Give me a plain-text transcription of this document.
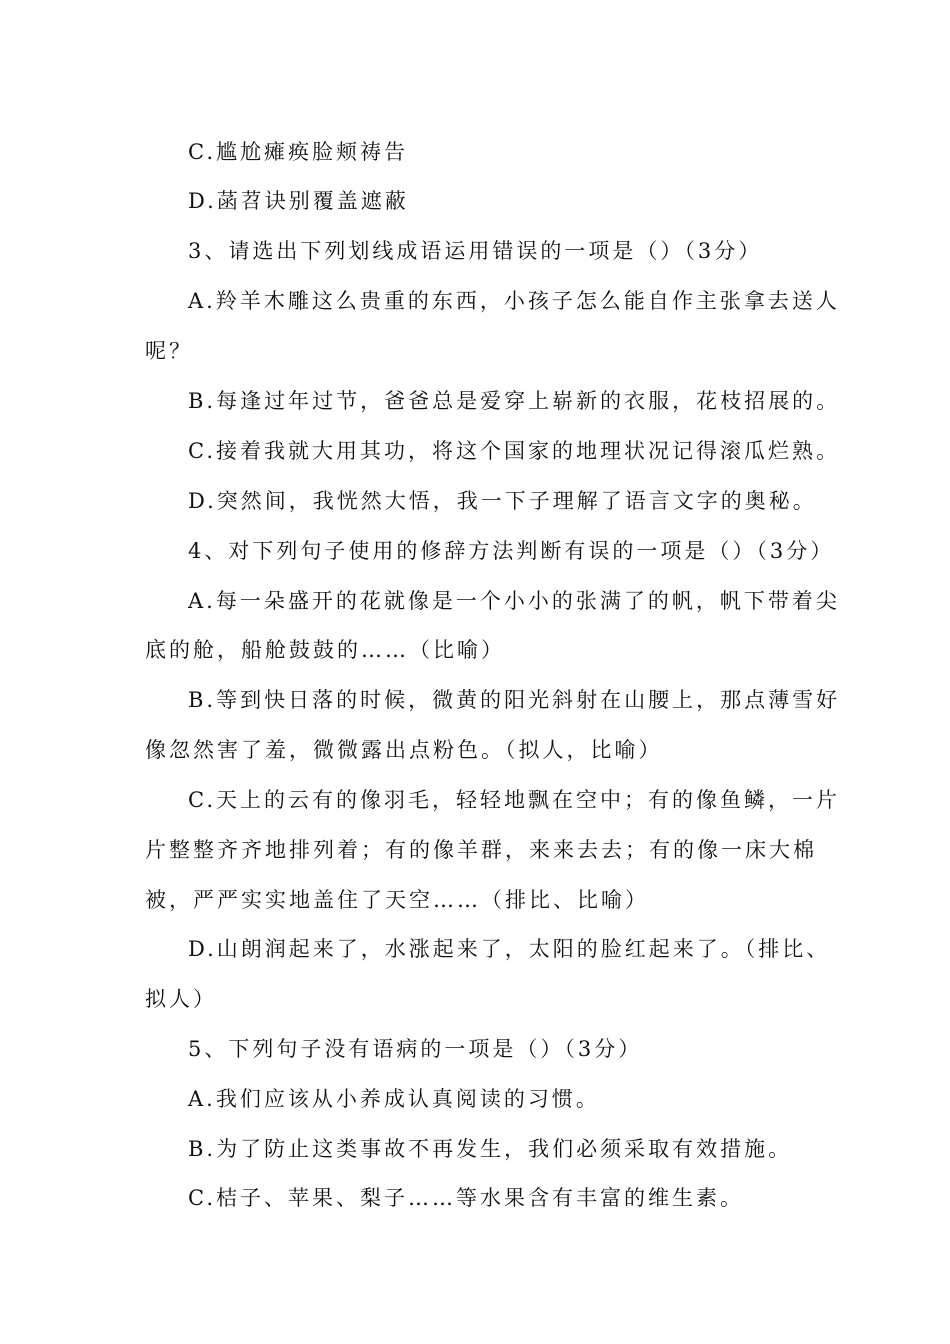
C.尴尬瘫痪脸颊祷告
D.菡苕诀别覆盖遮蔽
3、请选出下列划线成语运用错误的一项是（）（3分）
A.羚羊木雕这么贵重的东西，小孩子怎么能自作主张拿去送人
呢？
B.每逢过年过节，爸爸总是爱穿上崭新的衣服，花枝招展的。
C.接着我就大用其功，将这个国家的地理状况记得滚瓜烂熟。
D.突然间，我恍然大悟，我一下子理解了语言文字的奥秘。
4、对下列句子使用的修辞方法判断有误的一项是（）（3分）
A.每一朵盛开的花就像是一个小小的张满了的帆，帆下带着尖
底的舱，船舱鼓鼓的……（比喻）
B.等到快日落的时候，微黄的阳光斜射在山腰上，那点薄雪好
像忽然害了羞，微微露出点粉色。（拟人，比喻）
C.天上的云有的像羽毛，轻轻地飘在空中；有的像鱼鳞，一片
片整整齐齐地排列着；有的像羊群，来来去去；有的像一床大棉
被，严严实实地盖住了天空……（排比、比喻）
D.山朗润起来了，水涨起来了，太阳的脸红起来了。（排比、
拟人）
5、下列句子没有语病的一项是（）（3分）
A.我们应该从小养成认真阅读的习惯。
B.为了防止这类事故不再发生，我们必须采取有效措施。
C.桔子、苹果、梨子……等水果含有丰富的维生素。
